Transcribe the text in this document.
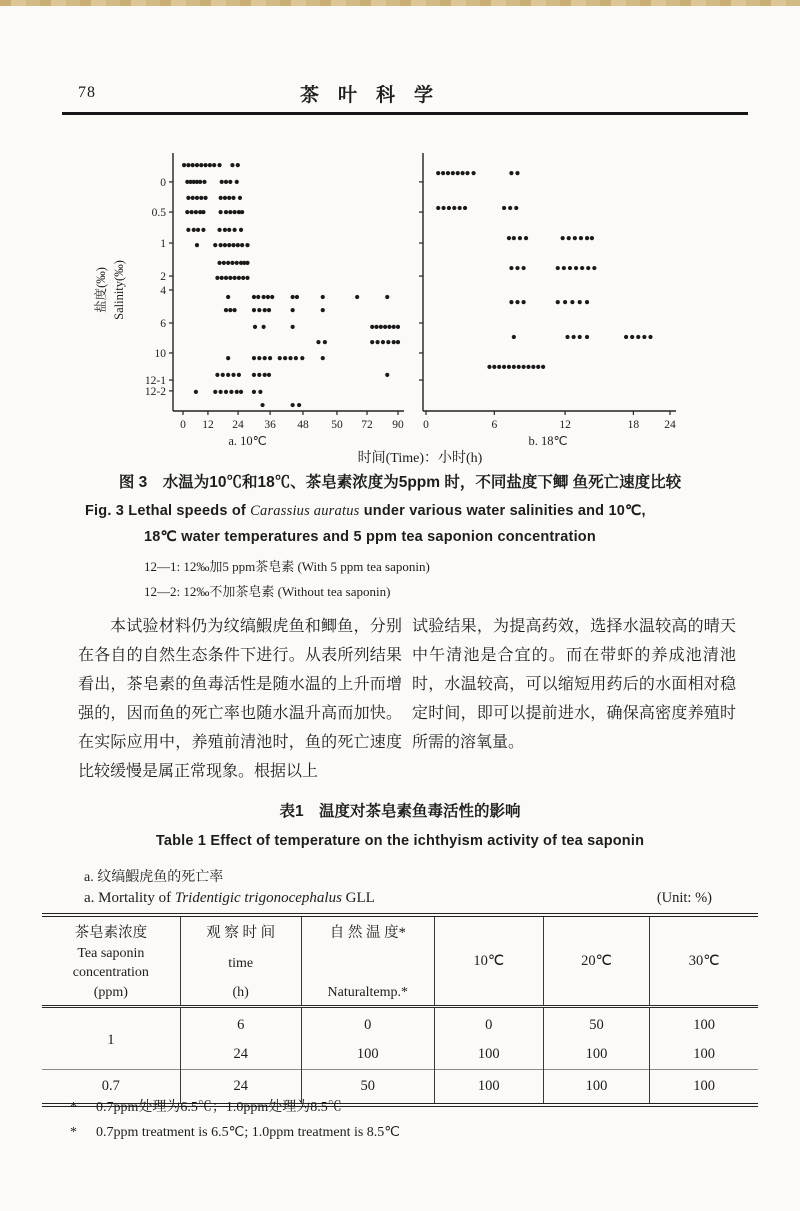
78	茶　叶　科　学
0 12 24 36 48 50 72 90
0
0.5
1
2
4
6
10
12-1
12-2
a. 10℃
0	6	12	18 24
b. 18℃
盐度(‰) Salinity(‰)
时间(Time)：小时(h)
图 3　水温为10℃和18℃、茶皂素浓度为5ppm 时，不同盐度下鲫 鱼死亡速度比较
Fig. 3 Lethal speeds of Carassius auratus under various water salinities and 10℃,
18℃ water temperatures and 5 ppm tea saponion concentration
12—1: 12‰加5 ppm茶皂素 (With 5 ppm tea saponin)
12—2: 12‰不加茶皂素 (Without tea saponin)
本试验材料仍为纹缟鰕虎鱼和鲫鱼，分别在各自的自然生态条件下进行。从表所列结果看出，茶皂素的鱼毒活性是随水温的上升而增强的，因而鱼的死亡率也随水温升高而加快。在实际应用中，养殖前清池时，鱼的死亡速度比较缓慢是属正常现象。根据以上
试验结果，为提高药效，选择水温较高的晴天中午清池是合宜的。而在带虾的养成池清池时，水温较高，可以缩短用药后的水面相对稳定时间，即可以提前进水，确保高密度养殖时所需的溶氧量。
表1　温度对茶皂素鱼毒活性的影响
Table 1 Effect of temperature on the ichthyism activity of tea saponin
a. 纹缟鰕虎鱼的死亡率
a. Mortality of Tridentigic trigonocephalus GLL	(Unit: %)
茶皂素浓度
Tea saponin
concentration
(ppm)	观 察 时 间
time
(h)	自 然 温 度*
Naturaltemp.*	10℃	20℃	30℃
1	6	0	0	50	100
	24	100	100	100	100
0.7	24	50	100	100	100
* 0.7ppm处理为6.5℃；1.0ppm处理为8.5℃
* 0.7ppm treatment is 6.5℃; 1.0ppm treatment is 8.5℃
